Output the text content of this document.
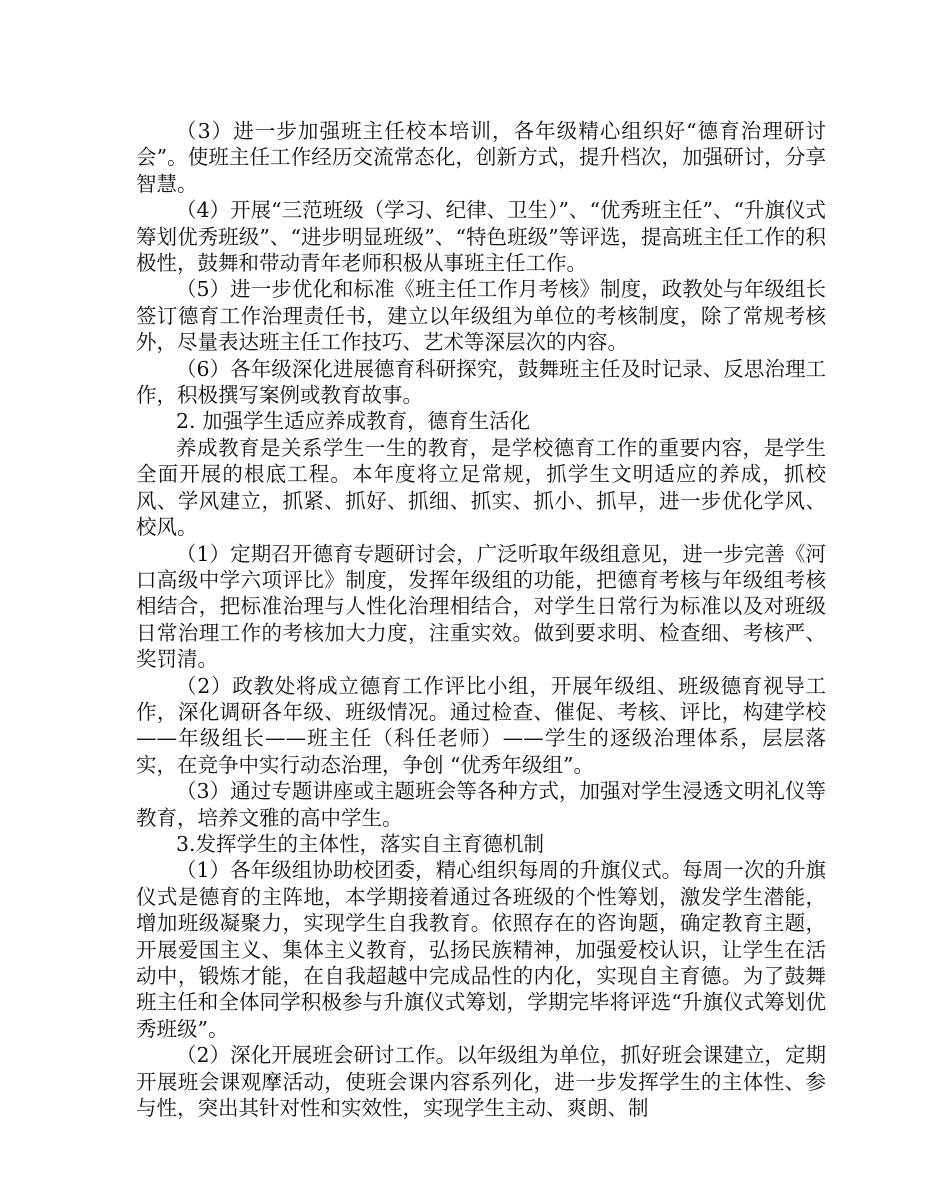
（3）进一步加强班主任校本培训，各年级精心组织好“德育治理研讨会”。使班主任工作经历交流常态化，创新方式，提升档次，加强研讨，分享智慧。

（4）开展“三范班级（学习、纪律、卫生）”、“优秀班主任”、“升旗仪式筹划优秀班级”、“进步明显班级”、“特色班级”等评选，提高班主任工作的积极性，鼓舞和带动青年老师积极从事班主任工作。

（5）进一步优化和标准《班主任工作月考核》制度，政教处与年级组长签订德育工作治理责任书，建立以年级组为单位的考核制度，除了常规考核外，尽量表达班主任工作技巧、艺术等深层次的内容。

（6）各年级深化进展德育科研探究，鼓舞班主任及时记录、反思治理工作，积极撰写案例或教育故事。

2. 加强学生适应养成教育，德育生活化

养成教育是关系学生一生的教育，是学校德育工作的重要内容，是学生全面开展的根底工程。本年度将立足常规，抓学生文明适应的养成，抓校风、学风建立，抓紧、抓好、抓细、抓实、抓小、抓早，进一步优化学风、校风。

（1）定期召开德育专题研讨会，广泛听取年级组意见，进一步完善《河口高级中学六项评比》制度，发挥年级组的功能，把德育考核与年级组考核相结合，把标准治理与人性化治理相结合，对学生日常行为标准以及对班级日常治理工作的考核加大力度，注重实效。做到要求明、检查细、考核严、奖罚清。

（2）政教处将成立德育工作评比小组，开展年级组、班级德育视导工作，深化调研各年级、班级情况。通过检查、催促、考核、评比，构建学校——年级组长——班主任（科任老师）——学生的逐级治理体系，层层落实，在竞争中实行动态治理，争创 “优秀年级组”。

（3）通过专题讲座或主题班会等各种方式，加强对学生浸透文明礼仪等教育，培养文雅的高中学生。

3.发挥学生的主体性，落实自主育德机制

（1）各年级组协助校团委，精心组织每周的升旗仪式。每周一次的升旗仪式是德育的主阵地，本学期接着通过各班级的个性筹划，激发学生潜能，增加班级凝聚力，实现学生自我教育。依照存在的咨询题，确定教育主题，开展爱国主义、集体主义教育，弘扬民族精神，加强爱校认识，让学生在活动中，锻炼才能，在自我超越中完成品性的内化，实现自主育德。为了鼓舞班主任和全体同学积极参与升旗仪式筹划，学期完毕将评选“升旗仪式筹划优秀班级”。

（2）深化开展班会研讨工作。以年级组为单位，抓好班会课建立，定期开展班会课观摩活动，使班会课内容系列化，进一步发挥学生的主体性、参与性，突出其针对性和实效性，实现学生主动、爽朗、制
